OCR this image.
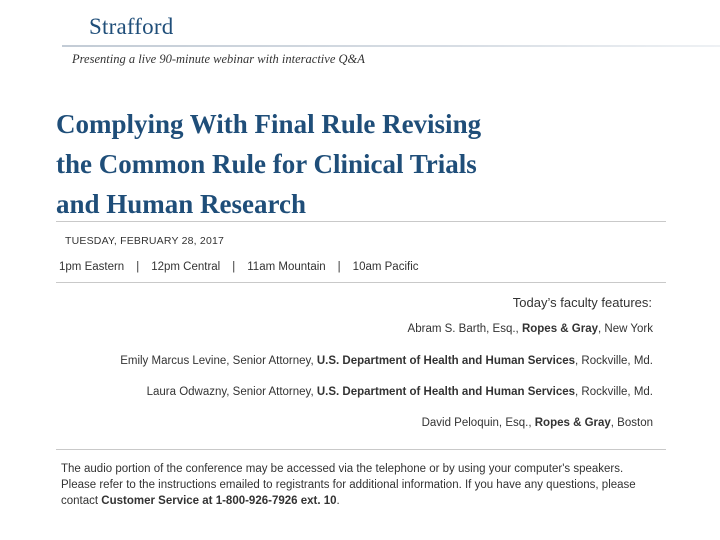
Strafford
Presenting a live 90-minute webinar with interactive Q&A
Complying With Final Rule Revising
the Common Rule for Clinical Trials
and Human Research
TUESDAY, FEBRUARY 28, 2017
1pm Eastern | 12pm Central | 11am Mountain | 10am Pacific
Today’s faculty features:
Abram S. Barth, Esq., Ropes & Gray, New York
Emily Marcus Levine, Senior Attorney, U.S. Department of Health and Human Services, Rockville, Md.
Laura Odwazny, Senior Attorney, U.S. Department of Health and Human Services, Rockville, Md.
David Peloquin, Esq., Ropes & Gray, Boston
The audio portion of the conference may be accessed via the telephone or by using your computer's speakers. Please refer to the instructions emailed to registrants for additional information. If you have any questions, please contact Customer Service at 1-800-926-7926 ext. 10.
